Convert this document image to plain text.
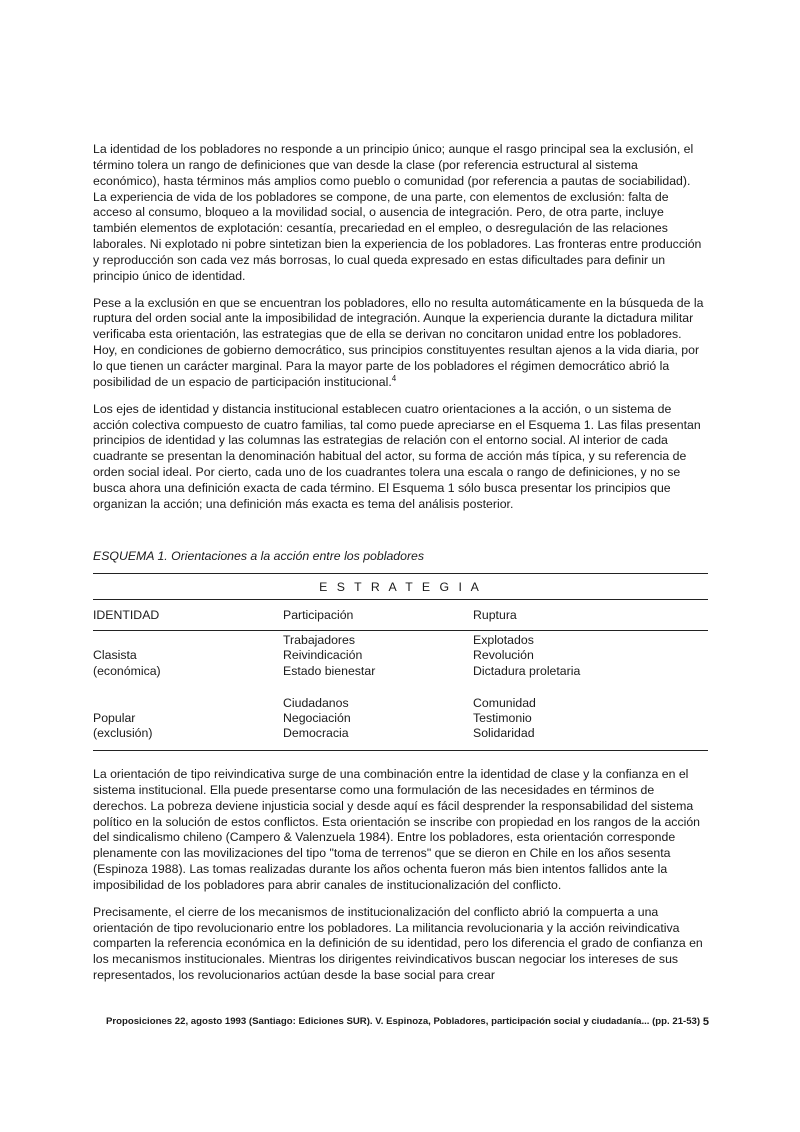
La identidad de los pobladores no responde a un principio único; aunque el rasgo principal sea la exclusión, el término tolera un rango de definiciones que van desde la clase (por referencia estructural al sistema económico), hasta términos más amplios como pueblo o comunidad (por referencia a pautas de sociabilidad). La experiencia de vida de los pobladores se compone, de una parte, con elementos de exclusión: falta de acceso al consumo, bloqueo a la movilidad social, o ausencia de integración. Pero, de otra parte, incluye también elementos de explotación: cesantía, precariedad en el empleo, o desregulación de las relaciones laborales. Ni explotado ni pobre sintetizan bien la experiencia de los pobladores. Las fronteras entre producción y reproducción son cada vez más borrosas, lo cual queda expresado en estas dificultades para definir un principio único de identidad.

Pese a la exclusión en que se encuentran los pobladores, ello no resulta automáticamente en la búsqueda de la ruptura del orden social ante la imposibilidad de integración. Aunque la experiencia durante la dictadura militar verificaba esta orientación, las estrategias que de ella se derivan no concitaron unidad entre los pobladores. Hoy, en condiciones de gobierno democrático, sus principios constituyentes resultan ajenos a la vida diaria, por lo que tienen un carácter marginal. Para la mayor parte de los pobladores el régimen democrático abrió la posibilidad de un espacio de participación institucional.$^4$

Los ejes de identidad y distancia institucional establecen cuatro orientaciones a la acción, o un sistema de acción colectiva compuesto de cuatro familias, tal como puede apreciarse en el Esquema 1. Las filas presentan principios de identidad y las columnas las estrategias de relación con el entorno social. Al interior de cada cuadrante se presentan la denominación habitual del actor, su forma de acción más típica, y su referencia de orden social ideal. Por cierto, cada uno de los cuadrantes tolera una escala o rango de definiciones, y no se busca ahora una definición exacta de cada término. El Esquema 1 sólo busca presentar los principios que organizan la acción; una definición más exacta es tema del análisis posterior.

ESQUEMA 1. Orientaciones a la acción entre los pobladores

E S T R A T E G I A
IDENTIDAD	Participación	Ruptura
Clasista
(económica)
Trabajadores
Reivindicación
Estado bienestar
Explotados
Revolución
Dictadura proletaria
Popular
(exclusión)
Ciudadanos
Negociación
Democracia
Comunidad
Testimonio
Solidaridad

La orientación de tipo reivindicativa surge de una combinación entre la identidad de clase y la confianza en el sistema institucional. Ella puede presentarse como una formulación de las necesidades en términos de derechos. La pobreza deviene injusticia social y desde aquí es fácil desprender la responsabilidad del sistema político en la solución de estos conflictos. Esta orientación se inscribe con propiedad en los rangos de la acción del sindicalismo chileno (Campero & Valenzuela 1984). Entre los pobladores, esta orientación corresponde plenamente con las movilizaciones del tipo "toma de terrenos" que se dieron en Chile en los años sesenta (Espinoza 1988). Las tomas realizadas durante los años ochenta fueron más bien intentos fallidos ante la imposibilidad de los pobladores para abrir canales de institucionalización del conflicto.

Precisamente, el cierre de los mecanismos de institucionalización del conflicto abrió la compuerta a una orientación de tipo revolucionario entre los pobladores. La militancia revolucionaria y la acción reivindicativa comparten la referencia económica en la definición de su identidad, pero los diferencia el grado de confianza en los mecanismos institucionales. Mientras los dirigentes reivindicativos buscan negociar los intereses de sus representados, los revolucionarios actúan desde la base social para crear

Proposiciones 22, agosto 1993 (Santiago: Ediciones SUR). V. Espinoza, Pobladores, participación social y ciudadanía... (pp. 21-53) 5
